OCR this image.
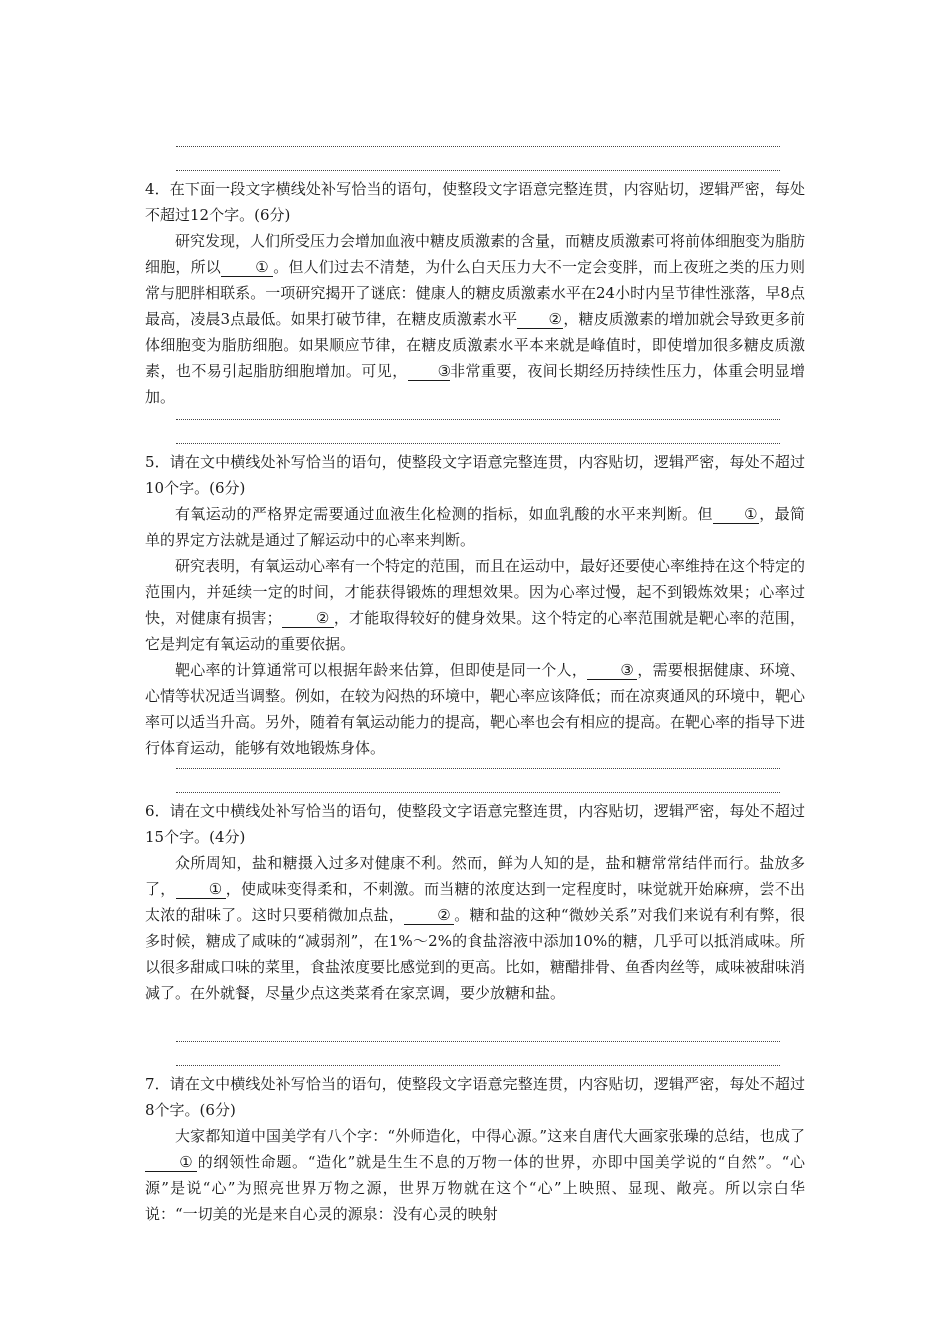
4．在下面一段文字横线处补写恰当的语句，使整段文字语意完整连贯，内容贴切，逻辑严密，每处不超过12个字。(6分)

研究发现，人们所受压力会增加血液中糖皮质激素的含量，而糖皮质激素可将前体细胞变为脂肪细胞，所以 ① 。但人们过去不清楚，为什么白天压力大不一定会变胖，而上夜班之类的压力则常与肥胖相联系。一项研究揭开了谜底：健康人的糖皮质激素水平在24小时内呈节律性涨落，早8点最高，凌晨3点最低。如果打破节律，在糖皮质激素水平 ②，糖皮质激素的增加就会导致更多前体细胞变为脂肪细胞。如果顺应节律，在糖皮质激素水平本来就是峰值时，即使增加很多糖皮质激素，也不易引起脂肪细胞增加。可见， ③非常重要，夜间长期经历持续性压力，体重会明显增加。

5．请在文中横线处补写恰当的语句，使整段文字语意完整连贯，内容贴切，逻辑严密，每处不超过10个字。(6分)

有氧运动的严格界定需要通过血液生化检测的指标，如血乳酸的水平来判断。但 ①，最简单的界定方法就是通过了解运动中的心率来判断。

研究表明，有氧运动心率有一个特定的范围，而且在运动中，最好还要使心率维持在这个特定的范围内，并延续一定的时间，才能获得锻炼的理想效果。因为心率过慢，起不到锻炼效果；心率过快，对健康有损害； ② ，才能取得较好的健身效果。这个特定的心率范围就是靶心率的范围，它是判定有氧运动的重要依据。

靶心率的计算通常可以根据年龄来估算，但即使是同一个人， ③ ，需要根据健康、环境、心情等状况适当调整。例如，在较为闷热的环境中，靶心率应该降低；而在凉爽通风的环境中，靶心率可以适当升高。另外，随着有氧运动能力的提高，靶心率也会有相应的提高。在靶心率的指导下进行体育运动，能够有效地锻炼身体。

6．请在文中横线处补写恰当的语句，使整段文字语意完整连贯，内容贴切，逻辑严密，每处不超过15个字。(4分)

众所周知，盐和糖摄入过多对健康不利。然而，鲜为人知的是，盐和糖常常结伴而行。盐放多了， ① ，使咸味变得柔和，不刺激。而当糖的浓度达到一定程度时，味觉就开始麻痹，尝不出太浓的甜味了。这时只要稍微加点盐， ② 。糖和盐的这种“微妙关系”对我们来说有利有弊，很多时候，糖成了咸味的“减弱剂”，在1%～2%的食盐溶液中添加10%的糖，几乎可以抵消咸味。所以很多甜咸口味的菜里，食盐浓度要比感觉到的更高。比如，糖醋排骨、鱼香肉丝等，咸味被甜味消减了。在外就餐，尽量少点这类菜肴在家烹调，要少放糖和盐。

7．请在文中横线处补写恰当的语句，使整段文字语意完整连贯，内容贴切，逻辑严密，每处不超过8个字。(6分)

大家都知道中国美学有八个字：“外师造化，中得心源。”这来自唐代大画家张璪的总结，也成了① 的纲领性命题。“造化”就是生生不息的万物一体的世界，亦即中国美学说的“自然”。“心源”是说“心”为照亮世界万物之源，世界万物就在这个“心”上映照、显现、敞亮。所以宗白华说：“一切美的光是来自心灵的源泉：没有心灵的映射
